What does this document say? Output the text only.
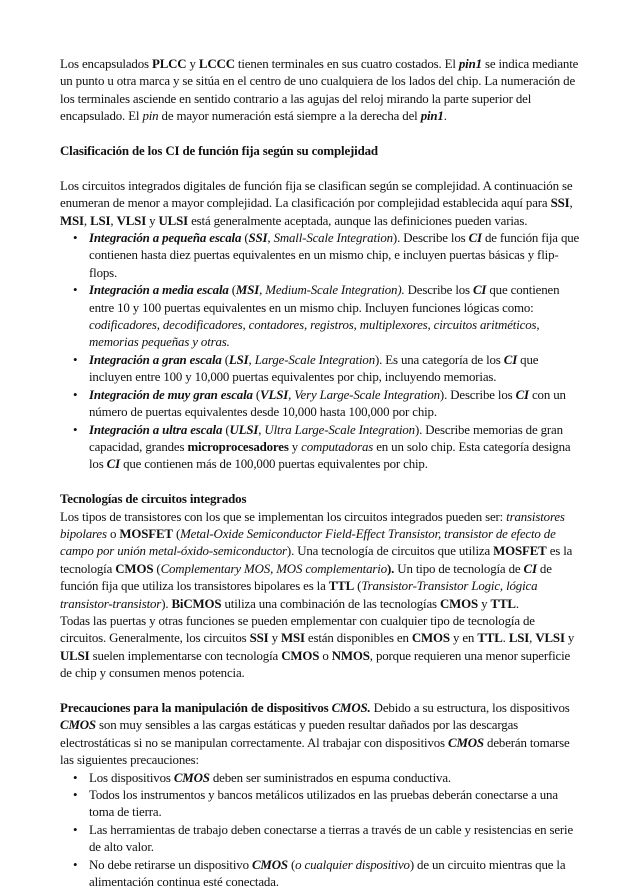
Los encapsulados PLCC y LCCC tienen terminales en sus cuatro costados. El pin1 se indica mediante un punto u otra marca y se sitúa en el centro de uno cualquiera de los lados del chip. La numeración de los terminales asciende en sentido contrario a las agujas del reloj mirando la parte superior del encapsulado. El pin de mayor numeración está siempre a la derecha del pin1.

Clasificación de los CI de función fija según su complejidad

Los circuitos integrados digitales de función fija se clasifican según se complejidad. A continuación se enumeran de menor a mayor complejidad. La clasificación por complejidad establecida aquí para SSI, MSI, LSI, VLSI y ULSI está generalmente aceptada, aunque las definiciones pueden varias.

• Integración a pequeña escala (SSI, Small-Scale Integration). Describe los CI de función fija que contienen hasta diez puertas equivalentes en un mismo chip, e incluyen puertas básicas y flip-flops.
• Integración a media escala (MSI, Medium-Scale Integration). Describe los CI que contienen entre 10 y 100 puertas equivalentes en un mismo chip. Incluyen funciones lógicas como: codificadores, decodificadores, contadores, registros, multiplexores, circuitos aritméticos, memorias pequeñas y otras.
• Integración a gran escala (LSI, Large-Scale Integration). Es una categoría de los CI que incluyen entre 100 y 10,000 puertas equivalentes por chip, incluyendo memorias.
• Integración de muy gran escala (VLSI, Very Large-Scale Integration). Describe los CI con un número de puertas equivalentes desde 10,000 hasta 100,000 por chip.
• Integración a ultra escala (ULSI, Ultra Large-Scale Integration). Describe memorias de gran capacidad, grandes microprocesadores y computadoras en un solo chip. Esta categoría designa los CI que contienen más de 100,000 puertas equivalentes por chip.

Tecnologías de circuitos integrados

Los tipos de transistores con los que se implementan los circuitos integrados pueden ser: transistores bipolares o MOSFET (Metal-Oxide Semiconductor Field-Effect Transistor, transistor de efecto de campo por unión metal-óxido-semiconductor). Una tecnología de circuitos que utiliza MOSFET es la tecnología CMOS (Complementary MOS, MOS complementario). Un tipo de tecnología de CI de función fija que utiliza los transistores bipolares es la TTL (Transistor-Transistor Logic, lógica transistor-transistor). BiCMOS utiliza una combinación de las tecnologías CMOS y TTL.

Todas las puertas y otras funciones se pueden emplementar con cualquier tipo de tecnología de circuitos. Generalmente, los circuitos SSI y MSI están disponibles en CMOS y en TTL. LSI, VLSI y ULSI suelen implementarse con tecnología CMOS o NMOS, porque requieren una menor superficie de chip y consumen menos potencia.

Precauciones para la manipulación de dispositivos CMOS. Debido a su estructura, los dispositivos CMOS son muy sensibles a las cargas estáticas y pueden resultar dañados por las descargas electrostáticas si no se manipulan correctamente. Al trabajar con dispositivos CMOS deberán tomarse las siguientes precauciones:

• Los dispositivos CMOS deben ser suministrados en espuma conductiva.
• Todos los instrumentos y bancos metálicos utilizados en las pruebas deberán conectarse a una toma de tierra.
• Las herramientas de trabajo deben conectarse a tierras a través de un cable y resistencias en serie de alto valor.
• No debe retirarse un dispositivo CMOS (o cualquier dispositivo) de un circuito mientras que la alimentación continua esté conectada.
